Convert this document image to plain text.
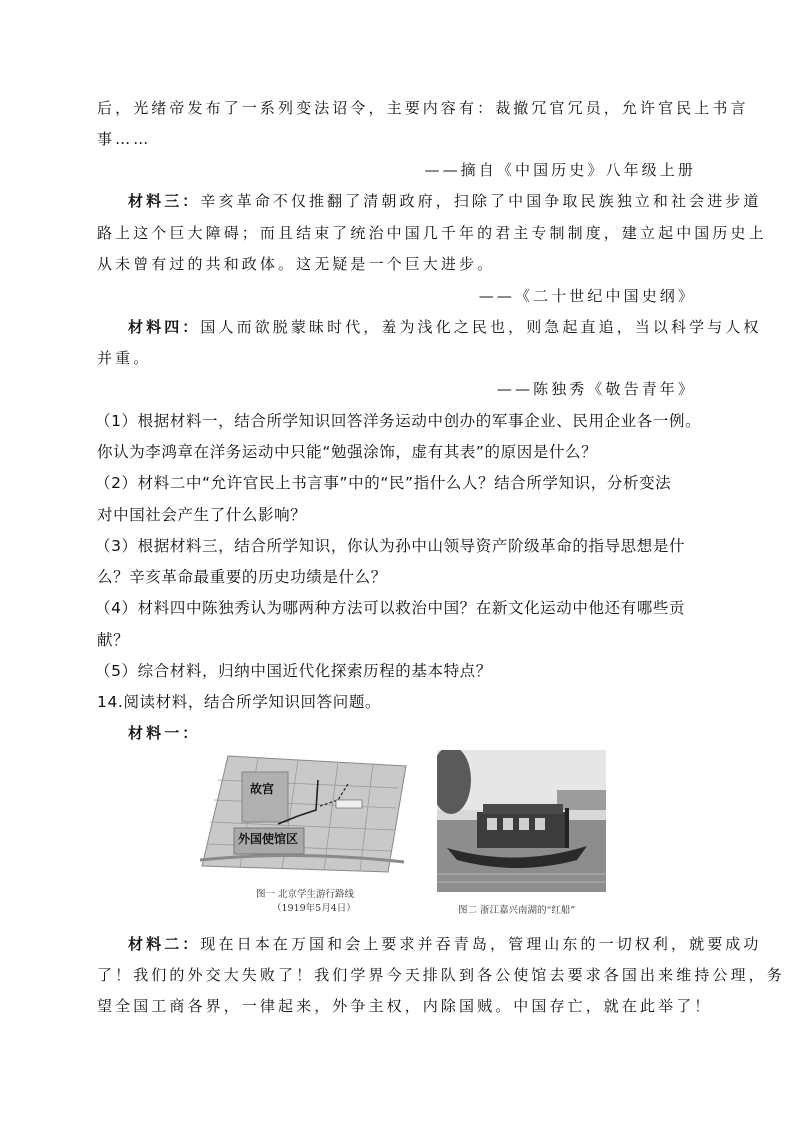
后，光绪帝发布了一系列变法诏令，主要内容有：裁撤冗官冗员，允许官民上书言
事……
——摘自《中国历史》八年级上册
材料三：辛亥革命不仅推翻了清朝政府，扫除了中国争取民族独立和社会进步道
路上这个巨大障碍；而且结束了统治中国几千年的君主专制制度，建立起中国历史上
从未曾有过的共和政体。这无疑是一个巨大进步。
——《二十世纪中国史纲》
材料四：国人而欲脱蒙昧时代，羞为浅化之民也，则急起直追，当以科学与人权
并重。
——陈独秀《敬告青年》
（1）根据材料一，结合所学知识回答洋务运动中创办的军事企业、民用企业各一例。
你认为李鸿章在洋务运动中只能“勉强涂饰，虚有其表”的原因是什么？
（2）材料二中“允许官民上书言事”中的“民”指什么人？结合所学知识，分析变法
对中国社会产生了什么影响？
（3）根据材料三，结合所学知识，你认为孙中山领导资产阶级革命的指导思想是什
么？辛亥革命最重要的历史功绩是什么？
（4）材料四中陈独秀认为哪两种方法可以救治中国？在新文化运动中他还有哪些贡
献？
（5）综合材料，归纳中国近代化探索历程的基本特点？
14.阅读材料，结合所学知识回答问题。
材料一：
故宫
外国使馆区
图一 北京学生游行路线
（1919年5月4日）	图二 浙江嘉兴南湖的“红船”
材料二：现在日本在万国和会上要求并吞青岛，管理山东的一切权利，就要成功
了！我们的外交大失败了！我们学界今天排队到各公使馆去要求各国出来维持公理，务
望全国工商各界，一律起来，外争主权，内除国贼。中国存亡，就在此举了！
